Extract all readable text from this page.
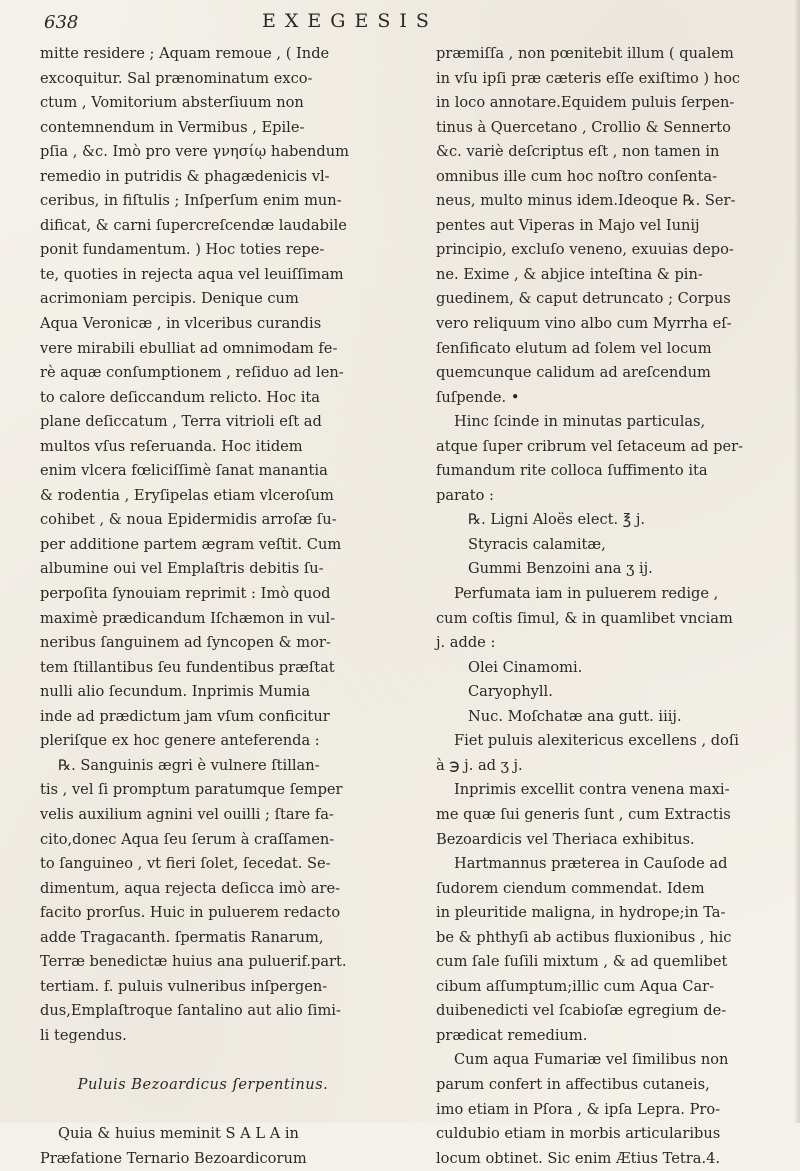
638	EXEGESIS

mitte residere ; Aquam remoue , ( Inde

excoquitur. Sal prænominatum exco-

ctum , Vomitorium absterſiuum non

contemnendum in Vermibus , Epile-

pſia , &c. Imò pro vere γνησίῳ habendum

remedio in putridis & phagædenicis vl-

ceribus, in fiſtulis ; Inſperſum enim mun-

dificat, & carni ſupercreſcendæ laudabile

ponit fundamentum. ) Hoc toties repe-

te, quoties in rejecta aqua vel leuiſſimam

acrimoniam percipis. Denique cum

Aqua Veronicæ , in vlceribus curandis

vere mirabili ebulliat ad omnimodam fe-

rè aquæ conſumptionem , reſiduo ad len-

to calore deſiccandum relicto. Hoc ita

plane deſiccatum , Terra vitrioli eſt ad

multos vſus reſeruanda. Hoc itidem

enim vlcera fœliciſſimè ſanat manantia

& rodentia , Eryſipelas etiam vlceroſum

cohibet , & noua Epidermidis arroſæ ſu-

per additione partem ægram veſtit. Cum

albumine oui vel Emplaſtris debitis ſu-

perpoſita ſynouiam reprimit : Imò quod

maximè prædicandum Iſchæmon in vul-

neribus ſanguinem ad ſyncopen & mor-

tem ſtillantibus ſeu fundentibus præſtat

nulli alio ſecundum. Inprimis Mumia

inde ad prædictum jam vſum conficitur

pleriſque ex hoc genere anteferenda :

℞. Sanguinis ægri è vulnere ſtillan-

tis , vel ſi promptum paratumque ſemper

velis auxilium agnini vel ouilli ; ſtare fa-

cito,donec Aqua ſeu ſerum à craſſamen-

to ſanguineo , vt fieri ſolet, ſecedat. Se-

dimentum, aqua rejecta deſicca imò are-

facito prorſus. Huic in puluerem redacto

adde Tragacanth. ſpermatis Ranarum,

Terræ benedictæ huius ana puluerif.part.

tertiam. f. puluis vulneribus inſpergen-

dus,Emplaſtroque ſantalino aut alio ſimi-

li tegendus.

Puluis Bezoardicus ſerpentinus.

Quia & huius meminit S A L A in

Præfatione Ternario Bezoardicorum

præmiſſa , non pœnitebit illum ( qualem

in vſu ipſi præ cæteris eſſe exiſtimo ) hoc

in loco annotare.Equidem puluis ſerpen-

tinus à Quercetano , Crollio & Sennerto

&c. variè deſcriptus eſt , non tamen in

omnibus ille cum hoc noſtro conſenta-

neus, multo minus idem.Ideoque ℞. Ser-

pentes aut Viperas in Majo vel Iunij

principio, excluſo veneno, exuuias depo-

ne. Exime , & abjice inteſtina & pin-

guedinem, & caput detruncato ; Corpus

vero reliquum vino albo cum Myrrha eſ-

ſenſificato elutum ad ſolem vel locum

quemcunque calidum ad areſcendum

ſuſpende. •

Hinc ſcinde in minutas particulas,

atque ſuper cribrum vel ſetaceum ad per-

fumandum rite colloca ſuffimento ita

parato :

℞. Ligni Aloës elect. ℥ j.

Styracis calamitæ,

Gummi Benzoini ana ʒ ij.

Perfumata iam in puluerem redige ,

cum coſtis ſimul, & in quamlibet vnciam

j. adde :

Olei Cinamomi.

Caryophyll.

Nuc. Moſchatæ ana gutt. iiij.

Fiet puluis alexitericus excellens , doſi

à ℈ j. ad ʒ j.

Inprimis excellit contra venena maxi-

me quæ ſui generis ſunt , cum Extractis

Bezoardicis vel Theriaca exhibitus.

Hartmannus præterea in Cauſode ad

ſudorem ciendum commendat. Idem

in pleuritide maligna, in hydrope;in Ta-

be & phthyſi ab actibus fluxionibus , hic

cum ſale ſuſili mixtum , & ad quemlibet

cibum aſſumptum;illic cum Aqua Car-

duibenedicti vel ſcabioſæ egregium de-

prædicat remedium.

Cum aqua Fumariæ vel ſimilibus non

parum confert in affectibus cutaneis,

imo etiam in Pſora , & ipſa Lepra. Pro-

culdubio etiam in morbis articularibus

locum obtinet. Sic enim Ætius Tetra.4.
